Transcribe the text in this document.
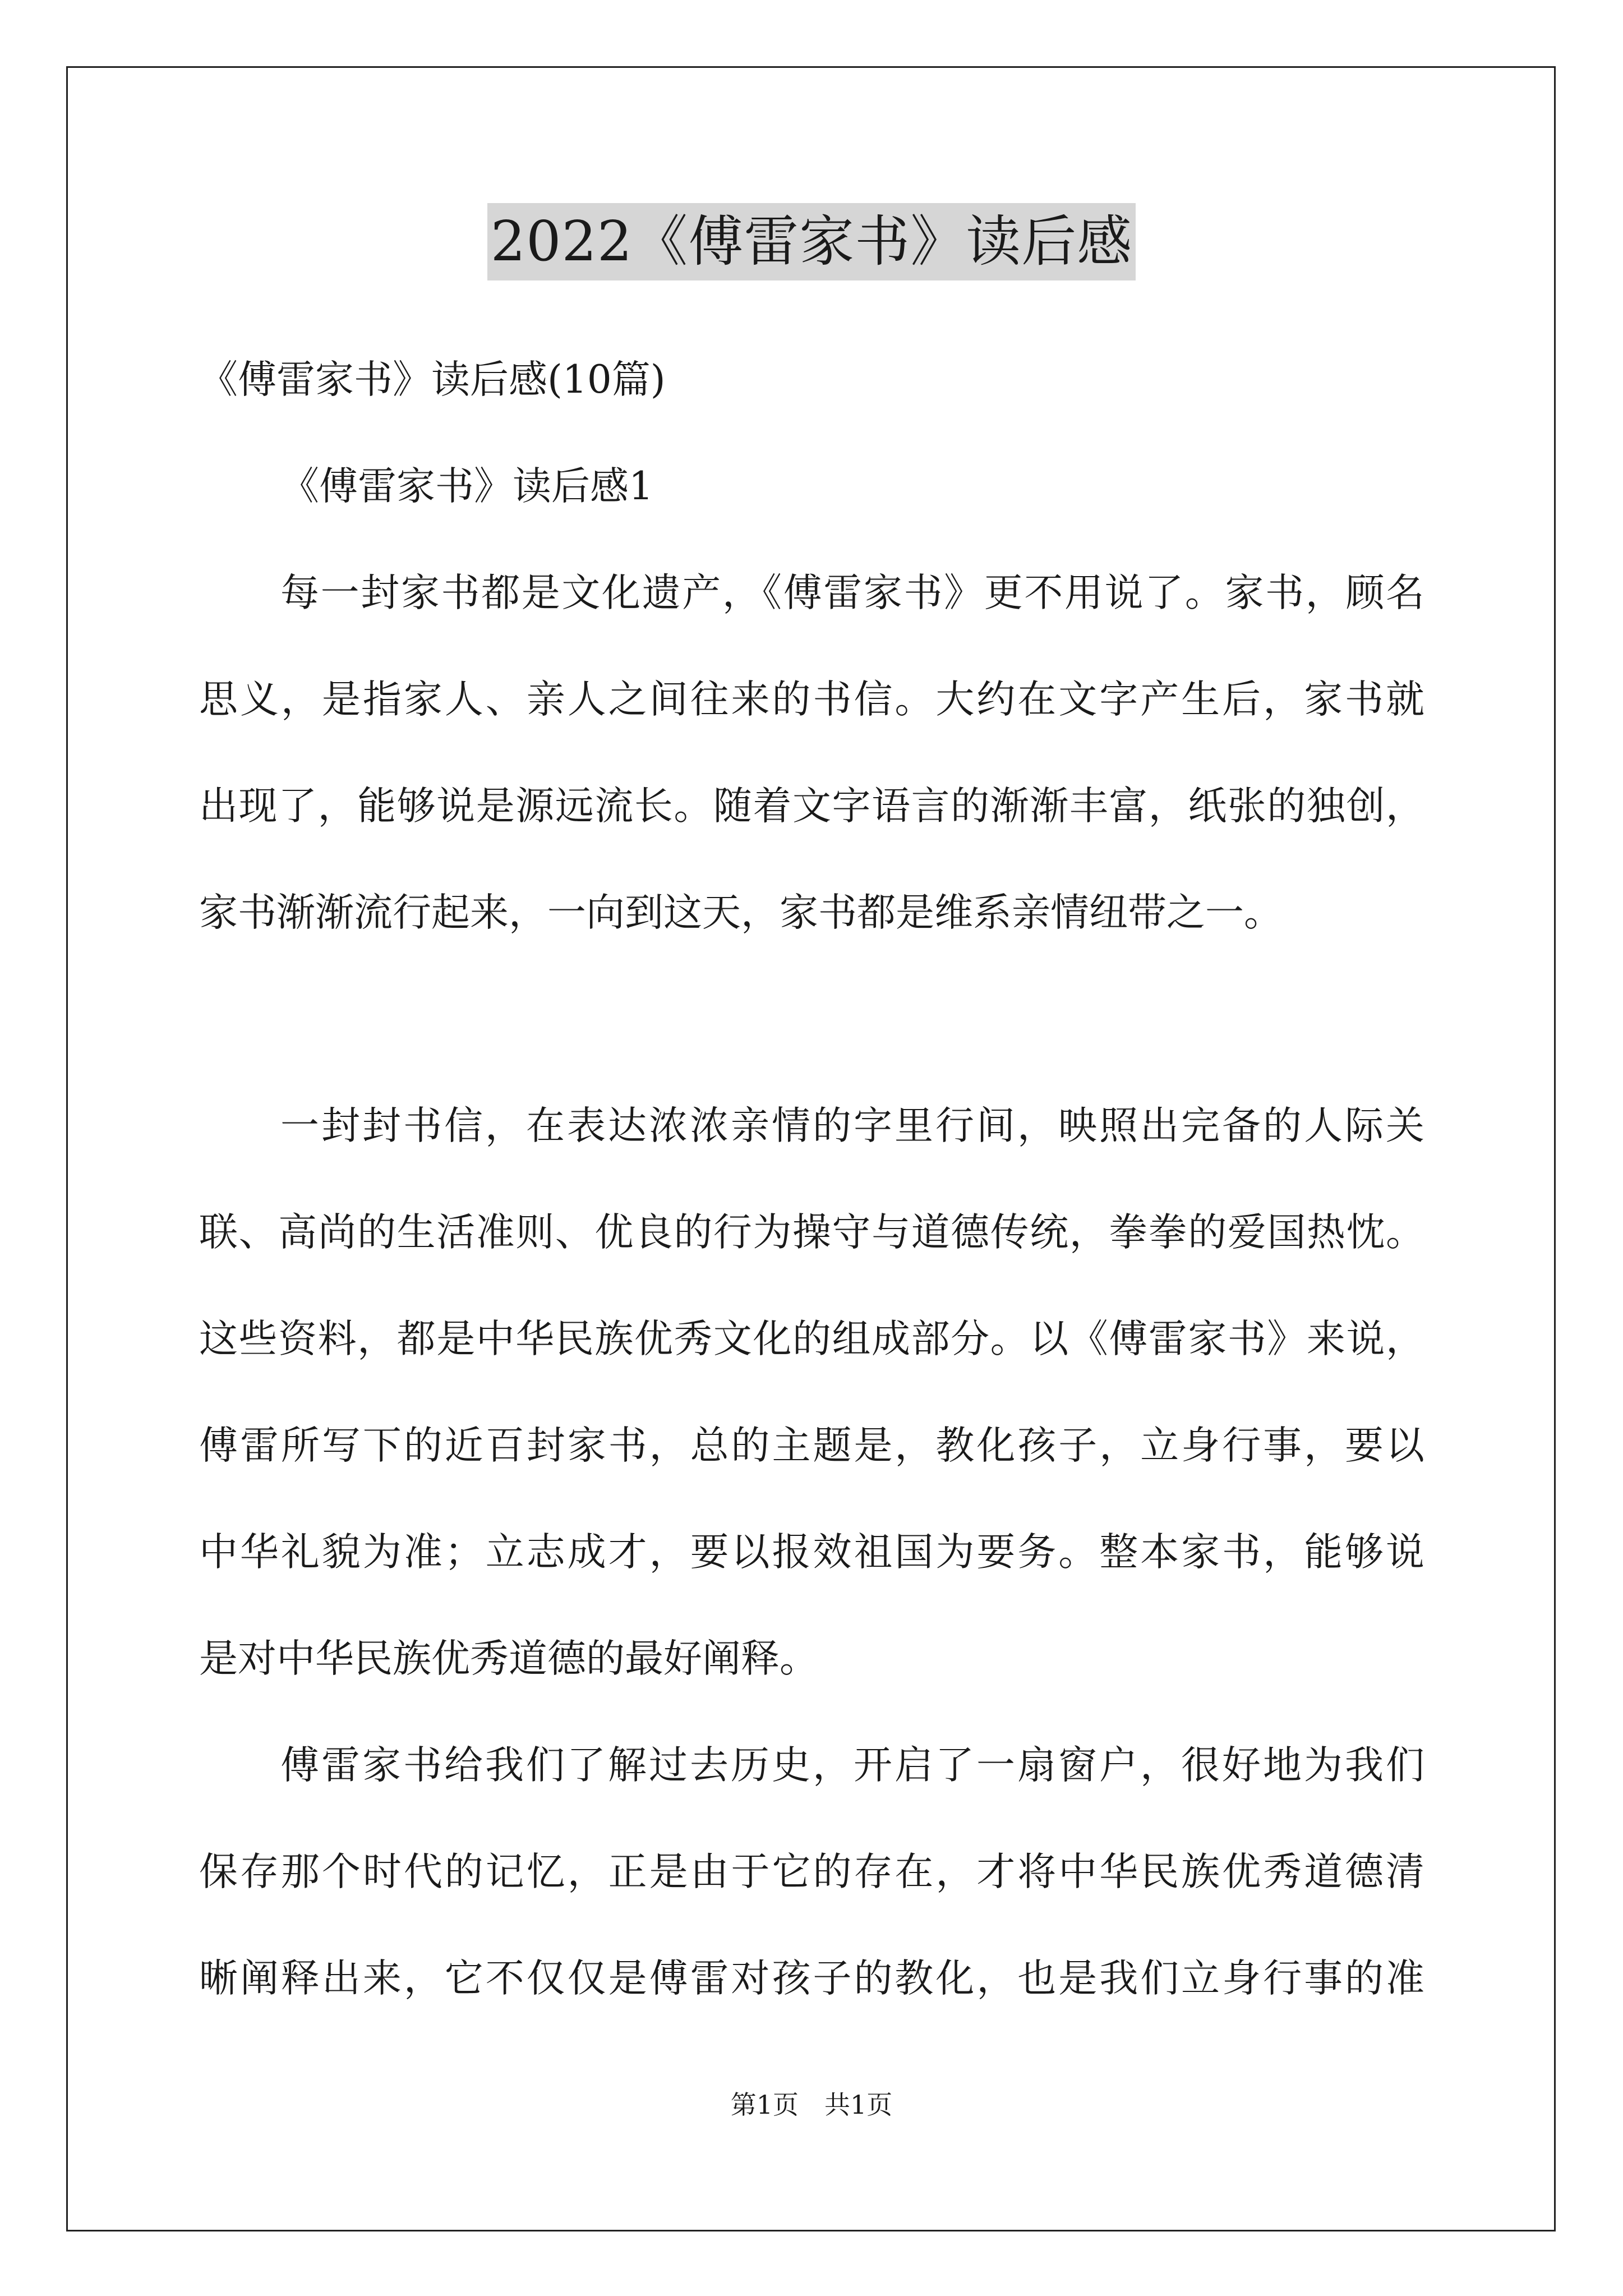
2022《傅雷家书》读后感
《傅雷家书》读后感(10篇)
《傅雷家书》读后感1
每一封家书都是文化遗产，《傅雷家书》更不用说了。家书，顾名
思义，是指家人、亲人之间往来的书信。大约在文字产生后，家书就
出现了，能够说是源远流长。随着文字语言的渐渐丰富，纸张的独创，
家书渐渐流行起来，一向到这天，家书都是维系亲情纽带之一。
一封封书信，在表达浓浓亲情的字里行间，映照出完备的人际关
联、高尚的生活准则、优良的行为操守与道德传统，拳拳的爱国热忱。
这些资料，都是中华民族优秀文化的组成部分。以《傅雷家书》来说，
傅雷所写下的近百封家书，总的主题是，教化孩子，立身行事，要以
中华礼貌为准；立志成才，要以报效祖国为要务。整本家书，能够说
是对中华民族优秀道德的最好阐释。
傅雷家书给我们了解过去历史，开启了一扇窗户，很好地为我们
保存那个时代的记忆，正是由于它的存在，才将中华民族优秀道德清
晰阐释出来，它不仅仅是傅雷对孩子的教化，也是我们立身行事的准
第1页 共1页
